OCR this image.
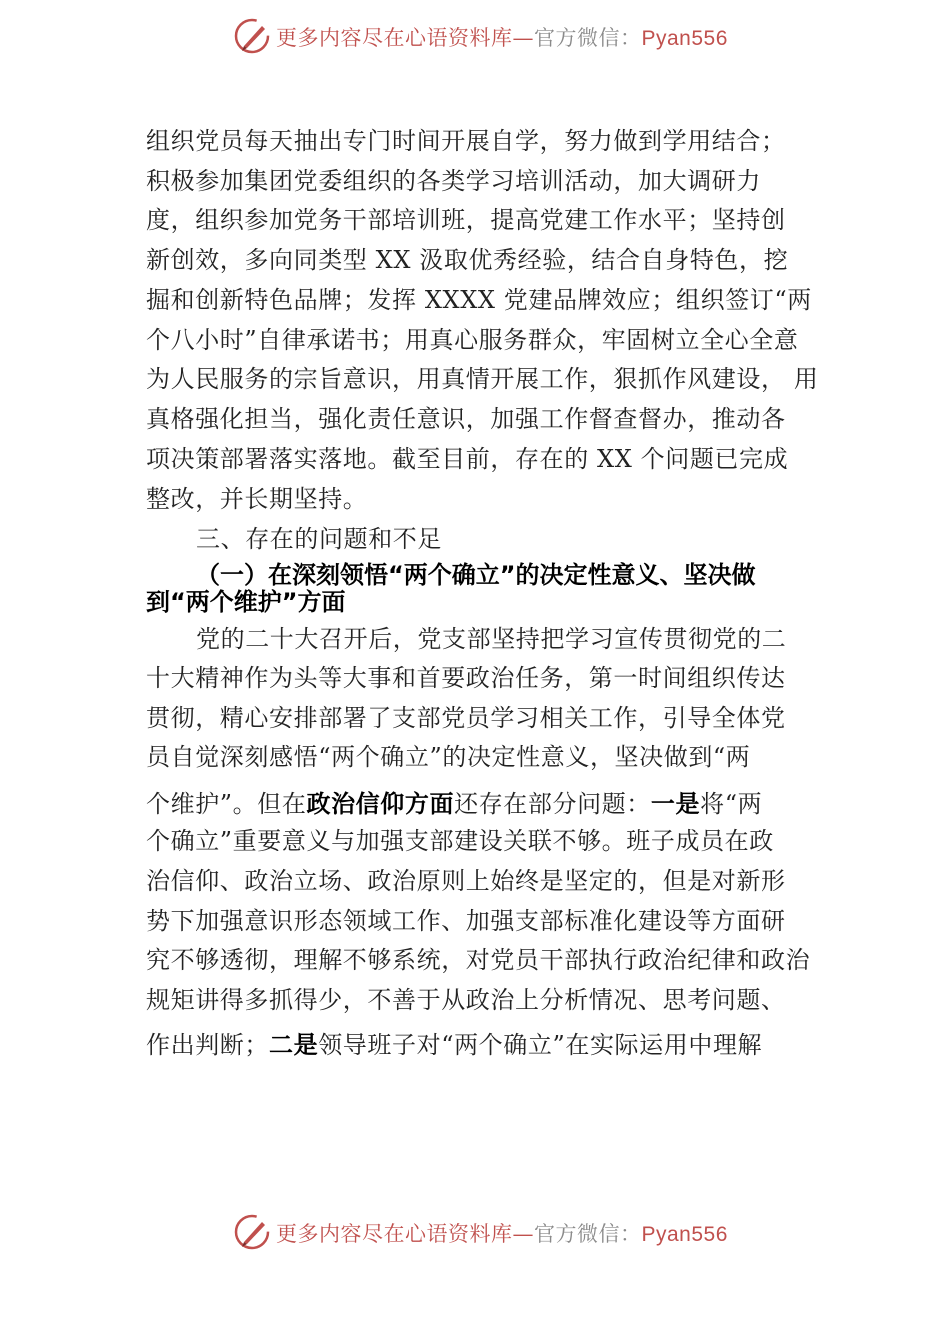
更多内容尽在心语资料库—官方微信：Pyan556
组织党员每天抽出专门时间开展自学，努力做到学用结合；
积极参加集团党委组织的各类学习培训活动，加大调研力
度，组织参加党务干部培训班，提高党建工作水平；坚持创
新创效，多向同类型 XX 汲取优秀经验，结合自身特色，挖
掘和创新特色品牌；发挥 XXXX 党建品牌效应；组织签订“两
个八小时”自律承诺书；用真心服务群众，牢固树立全心全意
为人民服务的宗旨意识，用真情开展工作，狠抓作风建设， 用
真格强化担当，强化责任意识，加强工作督查督办，推动各
项决策部署落实落地。截至目前，存在的 XX 个问题已完成
整改，并长期坚持。
三、存在的问题和不足
（一）在深刻领悟“两个确立”的决定性意义、坚决做
到“两个维护”方面
党的二十大召开后，党支部坚持把学习宣传贯彻党的二
十大精神作为头等大事和首要政治任务，第一时间组织传达
贯彻，精心安排部署了支部党员学习相关工作，引导全体党
员自觉深刻感悟“两个确立”的决定性意义，坚决做到“两
个维护”。但在政治信仰方面还存在部分问题：一是将“两
个确立”重要意义与加强支部建设关联不够。班子成员在政
治信仰、政治立场、政治原则上始终是坚定的，但是对新形
势下加强意识形态领域工作、加强支部标准化建设等方面研
究不够透彻，理解不够系统，对党员干部执行政治纪律和政治
规矩讲得多抓得少，不善于从政治上分析情况、思考问题、
作出判断；二是领导班子对“两个确立”在实际运用中理解
更多内容尽在心语资料库—官方微信：Pyan556
